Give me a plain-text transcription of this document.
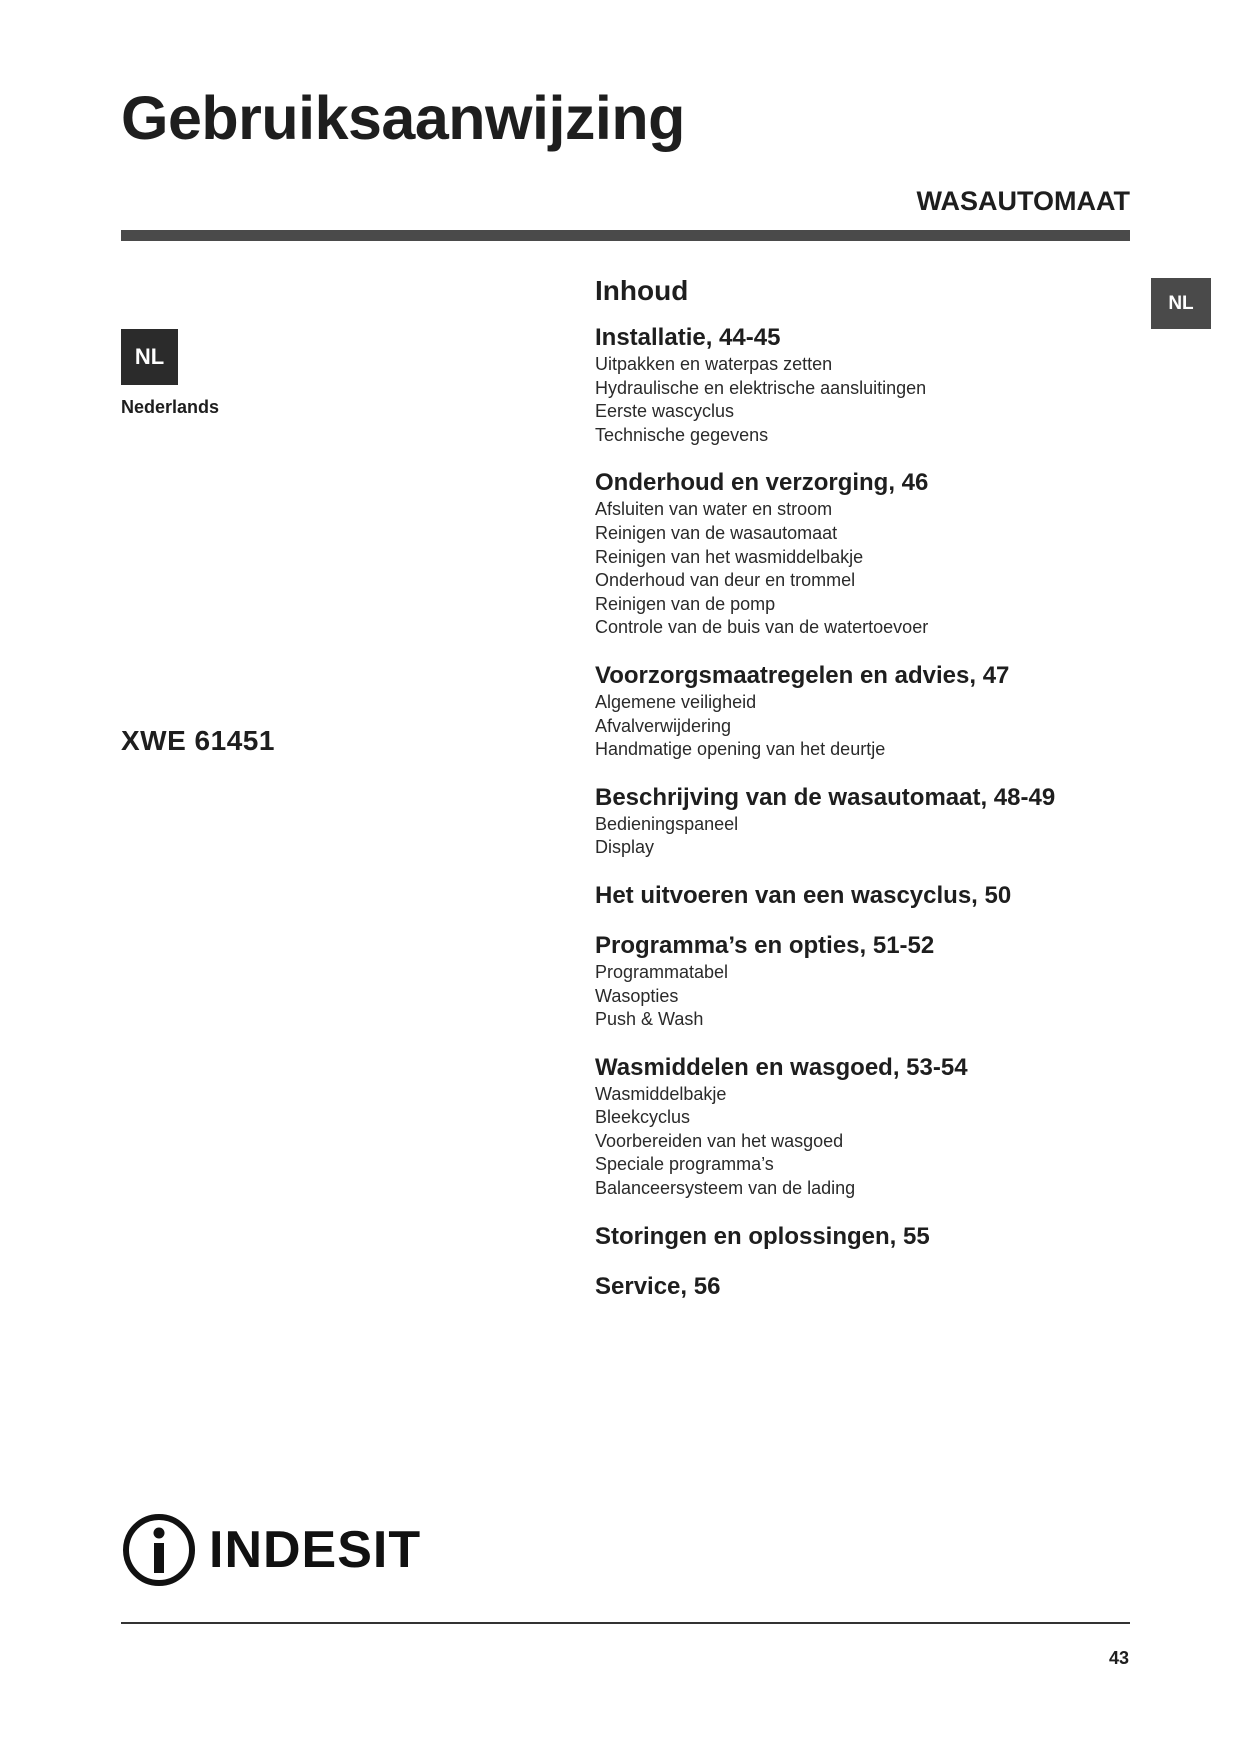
Gebruiksaanwijzing
WASAUTOMAAT
NL
Nederlands
XWE 61451
NL
Inhoud
Installatie, 44-45
Uitpakken en waterpas zetten
Hydraulische en elektrische aansluitingen
Eerste wascyclus
Technische gegevens
Onderhoud en verzorging, 46
Afsluiten van water en stroom
Reinigen van de wasautomaat
Reinigen van het wasmiddelbakje
Onderhoud van deur en trommel
Reinigen van de pomp
Controle van de buis van de watertoevoer
Voorzorgsmaatregelen en advies, 47
Algemene veiligheid
Afvalverwijdering
Handmatige opening van het deurtje
Beschrijving van de wasautomaat, 48-49
Bedieningspaneel
Display
Het uitvoeren van een wascyclus, 50
Programma’s en opties, 51-52
Programmatabel
Wasopties
Push & Wash
Wasmiddelen en wasgoed, 53-54
Wasmiddelbakje
Bleekcyclus
Voorbereiden van het wasgoed
Speciale programma’s
Balanceersysteem van de lading
Storingen en oplossingen, 55
Service, 56
INDESIT
43
